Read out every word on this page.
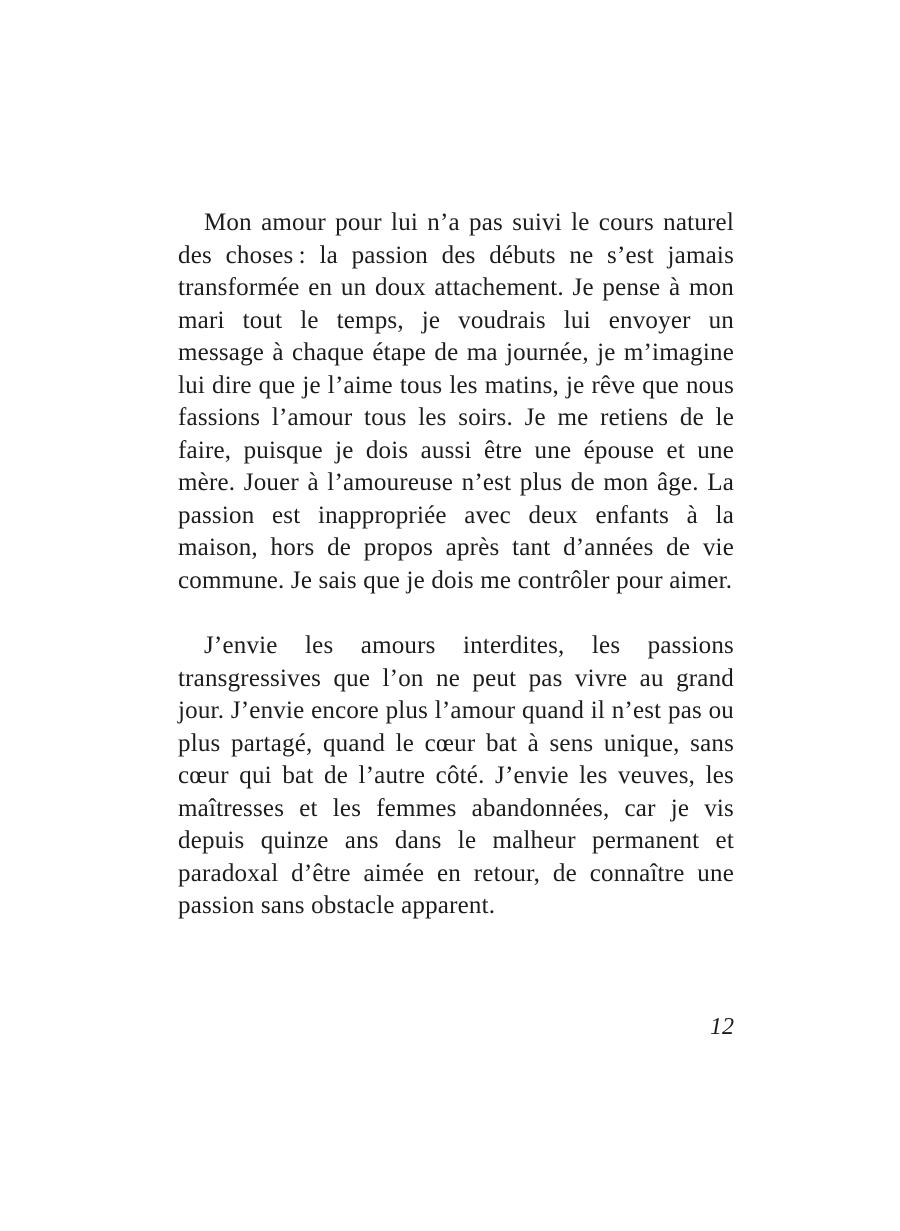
Mon amour pour lui n’a pas suivi le cours naturel des choses : la passion des débuts ne s’est jamais transformée en un doux attachement. Je pense à mon mari tout le temps, je voudrais lui envoyer un message à chaque étape de ma journée, je m’imagine lui dire que je l’aime tous les matins, je rêve que nous fassions l’amour tous les soirs. Je me retiens de le faire, puisque je dois aussi être une épouse et une mère. Jouer à l’amoureuse n’est plus de mon âge. La passion est inappropriée avec deux enfants à la maison, hors de propos après tant d’années de vie commune. Je sais que je dois me contrôler pour aimer.

J’envie les amours interdites, les passions transgressives que l’on ne peut pas vivre au grand jour. J’envie encore plus l’amour quand il n’est pas ou plus partagé, quand le cœur bat à sens unique, sans cœur qui bat de l’autre côté. J’envie les veuves, les maîtresses et les femmes abandonnées, car je vis depuis quinze ans dans le malheur permanent et paradoxal d’être aimée en retour, de connaître une passion sans obstacle apparent.

12
